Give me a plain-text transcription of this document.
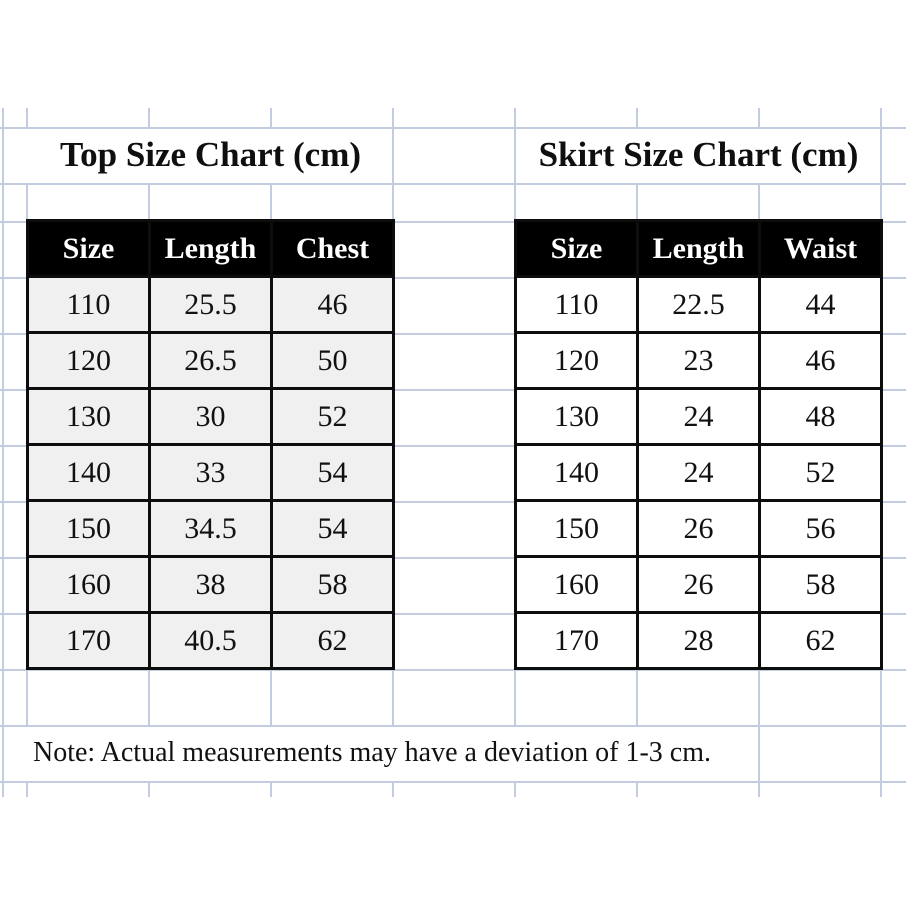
Top Size Chart (cm)	Skirt Size Chart (cm)
Size	Length	Chest
110	25.5	46
120	26.5	50
130	30	52
140	33	54
150	34.5	54
160	38	58
170	40.5	62
Size	Length	Waist
110	22.5	44
120	23	46
130	24	48
140	24	52
150	26	56
160	26	58
170	28	62
Note: Actual measurements may have a deviation of 1-3 cm.
